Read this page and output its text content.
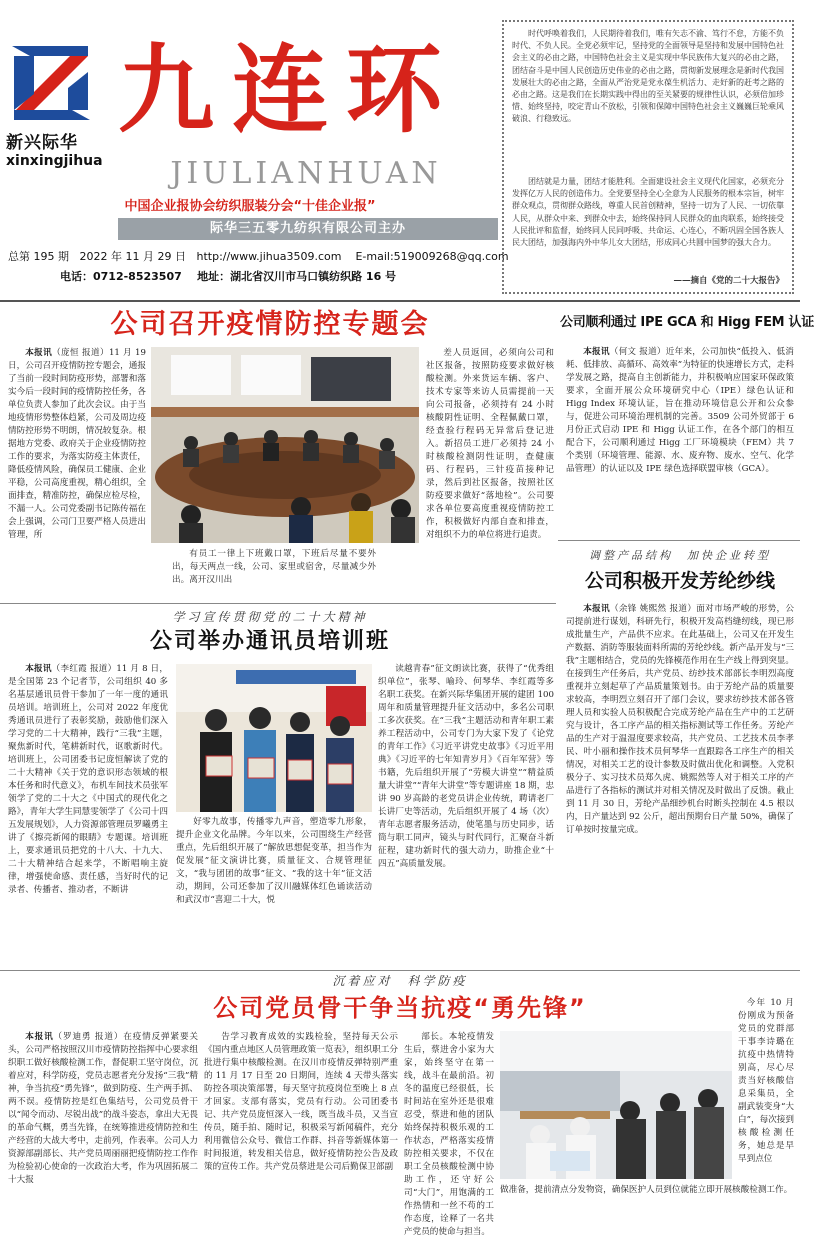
新兴际华
xinxingjihua
九连环
JIULIANHUAN
中国企业报协会纺织服装分会“十佳企业报”
际华三五零九纺织有限公司主办
总第 195 期 2022 年 11 月 29 日 http://www.jihua3509.com E-mail:519009268@qq.com
电话：0712-8523507 地址：湖北省汉川市马口镇纺织路 16 号
时代呼唤着我们，人民期待着我们，唯有矢志不渝、笃行不怠，方能不负时代、不负人民。全党必须牢记，坚持党的全面领导是坚持和发展中国特色社会主义的必由之路，中国特色社会主义是实现中华民族伟大复兴的必由之路，团结奋斗是中国人民创造历史伟业的必由之路，贯彻新发展理念是新时代我国发展壮大的必由之路，全面从严治党是党永葆生机活力、走好新的赶考之路的必由之路。这是我们在长期实践中得出的至关紧要的规律性认识，必须倍加珍惜、始终坚持，咬定青山不放松，引领和保障中国特色社会主义巍巍巨轮乘风破浪、行稳致远。
团结就是力量，团结才能胜利。全面建设社会主义现代化国家，必须充分发挥亿万人民的创造伟力。全党要坚持全心全意为人民服务的根本宗旨，树牢群众观点，贯彻群众路线，尊重人民首创精神，坚持一切为了人民、一切依靠人民，从群众中来、到群众中去，始终保持同人民群众的血肉联系，始终接受人民批评和监督，始终同人民同呼吸、共命运、心连心，不断巩固全国各族人民大团结，加强海内外中华儿女大团结，形成同心共圆中国梦的强大合力。
——摘自《党的二十大报告》
公司召开疫情防控专题会
本报讯（庞恒 报道）11 月 19 日，公司召开疫情防控专题会，通报了当前一段时间防疫形势，部署和落实今后一段时间的疫情防控任务，各单位负责人参加了此次会议。由于当地疫情形势整体趋紧，公司及周边疫情防控形势不明朗，情况较复杂。根据地方党委、政府关于企业疫情防控工作的要求，为落实防疫主体责任，降低疫情风险，确保员工健康、企业平稳，公司高度重视，精心组织，全面排查，精准防控，确保应检尽检，不漏一人。公司党委副书记陈传福在会上强调，公司门卫要严格人员进出管理，所
有员工一律上下班戴口罩，下班后尽量不要外出，每天两点一线，公司、家里或宿舍，尽量减少外出。离开汉川出
差人员返回，必须向公司和社区报备，按照防疫要求做好核酸检测。外来货运车辆、客户、技术专家等来访人员需提前一天向公司报备，必须持有 24 小时核酸阴性证明、全程佩戴口罩，经查验行程码无异常后登记进入。新招员工进厂必须持 24 小时核酸检测阴性证明，查健康码、行程码，三针疫苗接种记录，然后到社区报备，按照社区防疫要求做好“落地检”。公司要求各单位要高度重视疫情防控工作，积极做好内部自查和排查，对组织不力的单位将进行追责。
公司顺利通过 IPE GCA 和 Higg FEM 认证
本报讯（何文 报道）近年来，公司加快“低投入、低消耗、低排放、高循环、高效率”为特征的快速增长方式，走科学发展之路，提高自主创新能力，并积极响应国家环保政策要求，全面开展公众环境研究中心（IPE）绿色认证和 Higg Index 环境认证，旨在推动环境信息公开和公众参与，促进公司环境治理机制的完善。3509 公司外贸部于 6 月份正式启动 IPE 和 Higg 认证工作，在各个部门的相互配合下，公司顺利通过 Higg 工厂环境模块（FEM）共 7 个类别（环境管理、能源、水、废弃物、废水、空气、化学品管理）的认证以及 IPE 绿色选择联盟审核（GCA）。
调整产品结构　加快企业转型
公司积极开发芳纶纱线
本报讯（余锋 姚熙然 报道）面对市场严峻的形势，公司提前进行谋划，科研先行，积极开发高档缝纫线，现已形成批量生产，产品供不应求。在此基础上，公司又在开发生产数据、消防等服装面料所需的芳纶纱线。新产品开发与“三我”主题相结合，党员的先锋模范作用在生产线上得到突显。在接到生产任务后，共产党员、纺纱技术部部长李明烈高度重视并立刻起草了产品质量策划书。由于芳纶产品的质量要求较高，李明烈立刻召开了部门会议，要求纺纱技术部各管理人员和实验人员积极配合完成芳纶产品在生产中的工艺研究与设计，各工序产品的相关指标测试等工作任务。芳纶产品的生产对于温湿度要求较高，共产党员、工艺技术员李孝民、叶小丽和操作技术员何琴华一直跟踪各工序生产的相关情况，对相关工艺的设计参数及时做出优化和调整。入党积极分子、实习技术员郑久虎、姚熙然等人对于相关工序的产品进行了各指标的测试并对相关情况及时做出了反馈。截止到 11 月 30 日，芳纶产品细纱机台时断头控制在 4.5 根以内，日产量达到 92 公斤，超出预期台日产量 50%，确保了订单按时按量完成。
学习宣传贯彻党的二十大精神
公司举办通讯员培训班
本报讯（李红霞 报道）11 月 8 日，是全国第 23 个记者节，公司组织 40 多名基层通讯员骨干参加了一年一度的通讯员培训。培训班上，公司对 2022 年度优秀通讯员进行了表彰奖励，鼓励他们深入学习党的二十大精神，践行“三我”主题，聚焦新时代，笔耕新时代，讴歌新时代。培训班上，公司团委书记庞恒解读了党的二十大精神《关于党的意识形态领域的根本任务和时代意义》，布机车间技术员张军领学了党的二十大之《中国式的现代化之路》，青年大学生同慧雯领学了《公司十四五发展规划》，人力资源部管理员罗曦勇主讲了《擦亮新闻的眼睛》专题课。培训班上，要求通讯员把党的十八大、十九大、二十大精神结合起来学，不断唱响主旋律，增强使命感、责任感，当好时代的记录者、传播者、推动者，不断讲
好零九故事，传播零九声音，塑造零九形象，提升企业文化品牌。今年以来，公司围绕生产经营重点，先后组织开展了“解放思想促变革，担当作为促发展”征文演讲比赛，质量征文、合规管理征文，“我与团团的故事”征文、“我的这十年”征文活动，期间，公司还参加了汉川融媒体红色诵读活动和武汉市“喜迎二十大，悦
读越青春”征文朗读比赛，获得了“优秀组织单位”，张琴、喻玲、何琴华、李红霞等多名职工获奖。在新兴际华集团开展的建团 100 周年和质量管理提升征文活动中，多名公司职工多次获奖。在“三我”主题活动和青年职工素养工程活动中，公司专门为大家下发了《论党的青年工作》《习近平讲党史故事》《习近平用典》《习近平的七年知青岁月》《百年军营》等书籍，先后组织开展了“劳模大讲堂”“精益质量大讲堂”“青年大讲堂”等专题讲座 18 期，忠讲 90 岁高龄的老党员讲企业传统，聘请老厂长讲厂史等活动，先后组织开展了 4 场（次）青年志愿者服务活动，使笔墨与历史同步，话筒与职工同声，镜头与时代同行，汇聚奋斗新征程，建功新时代的强大动力，助推企业“十四五”高质量发展。
沉着应对　科学防疫
公司党员骨干争当抗疫“勇先锋”
本报讯（罗迪勇 报道）在疫情反弹紧要关头，公司严格按照汉川市疫情防控指挥中心要求组织职工做好核酸检测工作，督促职工坚守岗位，沉着应对，科学防疫，党员志愿者充分发扬“三我”精神，争当抗疫“勇先锋”，做到防疫、生产两手抓、两不误。疫情防控是红色集结号，公司党员骨干以“闻令而动、尽锐出战”的战斗姿态，拿出大无畏的革命气概，勇当先锋，在统筹推进疫情防控和生产经营的大战大考中，走前列，作表率。公司人力资源部副部长、共产党员周丽丽把疫情防控工作作为检验初心使命的一次政治大考，作为巩固拓展二十大报
告学习教育成效的实践检验，坚持每天公示《国内重点地区人员管理政策一览表》，组织职工分批进行集中核酸检测。在汉川市疫情反弹特别严重的 11 月 17 日至 20 日期间，连续 4 天带头落实防控各项决策部署，每天坚守抗疫岗位至晚上 8 点才回家。支部有落实，党员有行动。公司团委书记、共产党员庞恒深入一线，既当战斗员，又当宣传员，随手拍、随时记，积极采写新闻稿件，充分利用微信公众号、微信工作群、抖音等新媒体第一时间报道，转发相关信息，做好疫情防控公告及政策的宣传工作。共产党员蔡进是公司后勤保卫部副
部长。本轮疫情发生后，蔡进舍小家为大家，始终坚守在第一线，战斗在最前沿。初冬的温度已经很低，长时间站在室外还是很难忍受，蔡进和他的团队始终保持积极乐观的工作状态，严格落实疫情防控相关要求，不仅在职工全员核酸检测中协助工作，还守好公司“大门”，用饱满的工作热情和一丝不苟的工作态度，诠释了一名共产党员的使命与担当。
今年 10 月份刚成为预备党员的党群部干事李诗璐在抗疫中热情特别高，尽心尽责当好核酸信息采集员，全副武装变身“大白”，每次接到核酸检测任务，她总是早早到点位
做准备，提前清点分发物资，确保医护人员到位就能立即开展核酸检测工作。
